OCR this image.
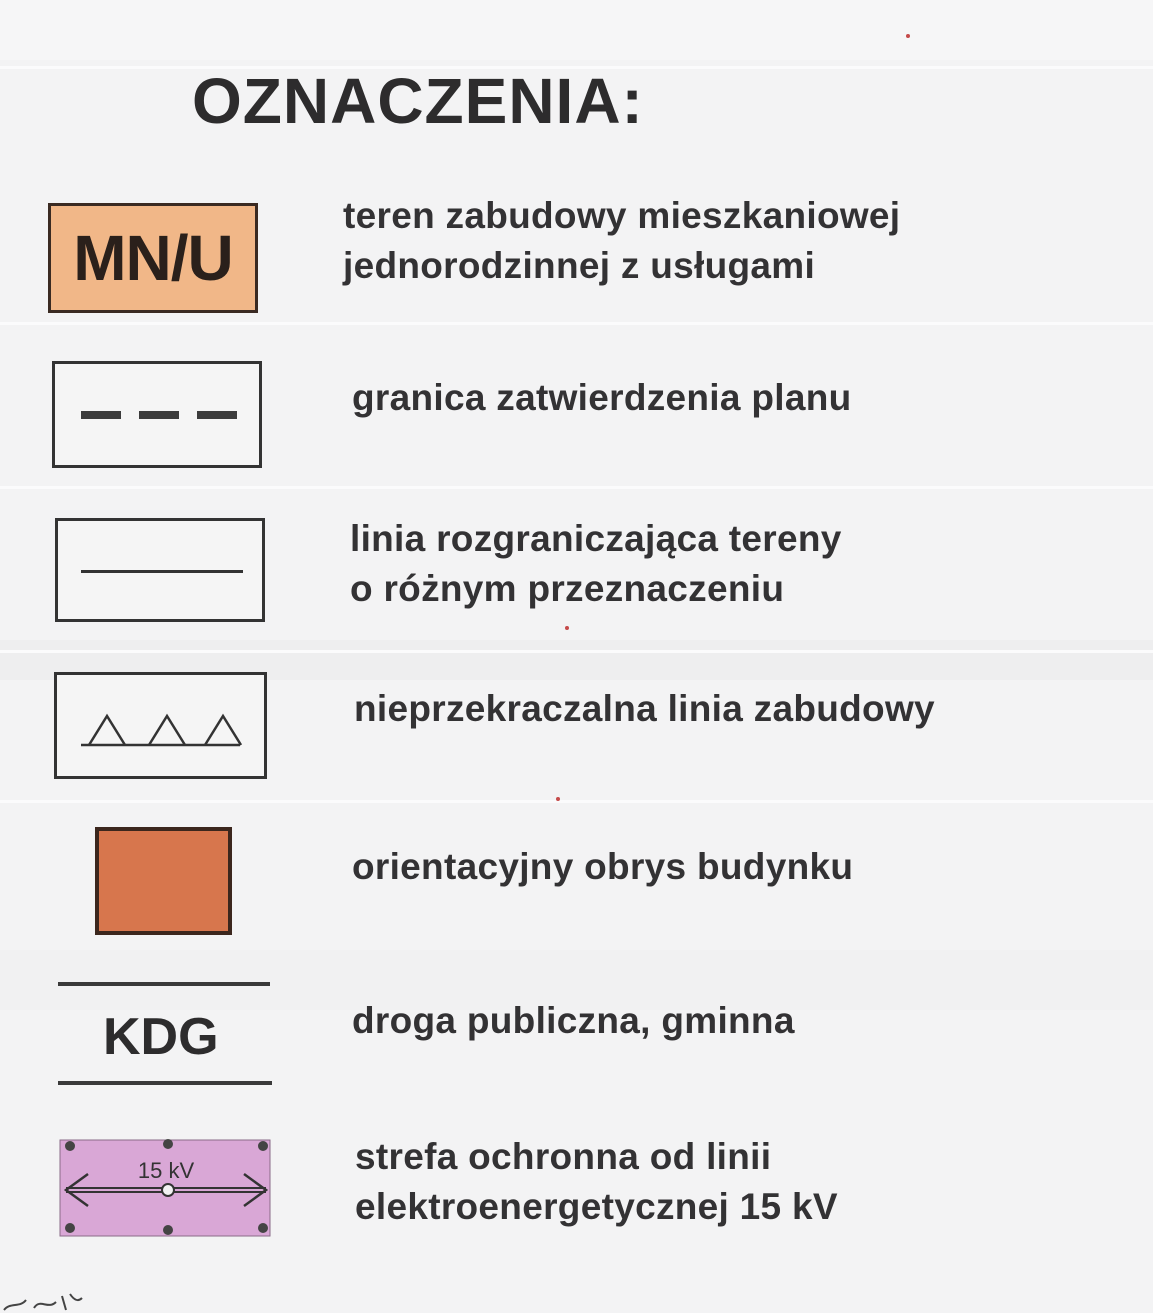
OZNACZENIA:
MN/U
teren zabudowy mieszkaniowej
jednorodzinnej z usługami
granica zatwierdzenia planu
linia rozgraniczająca tereny
o różnym przeznaczeniu
nieprzekraczalna linia zabudowy
orientacyjny obrys budynku
KDG	droga publiczna, gminna
15 kV	strefa ochronna od linii
elektroenergetycznej 15 kV
